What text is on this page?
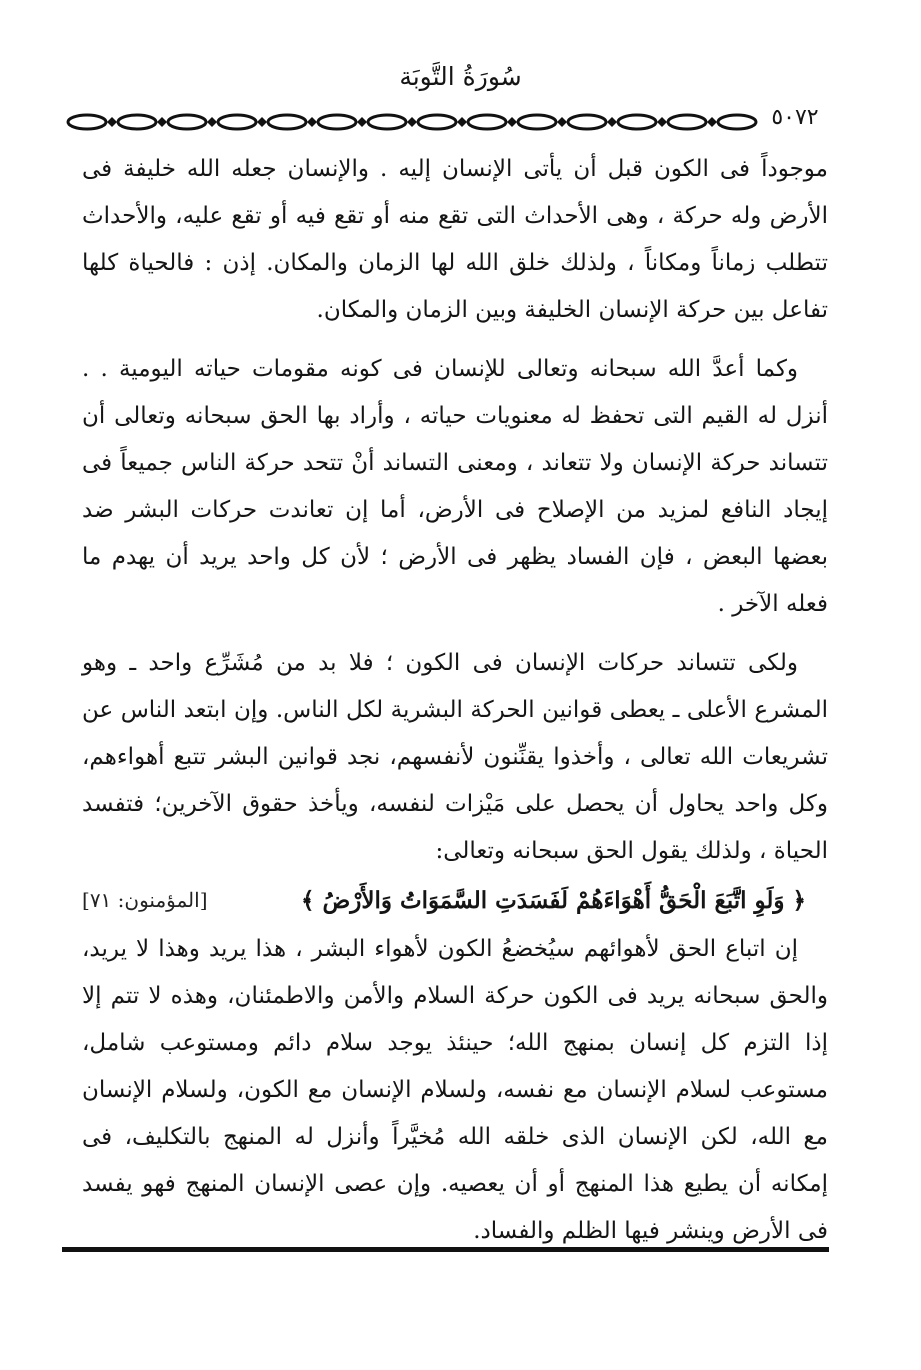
سُورَةُ التَّوبَة
٥٠٧٢

موجوداً فى الكون قبل أن يأتى الإنسان إليه . والإنسان جعله الله خليفة فى الأرض وله حركة ، وهى الأحداث التى تقع منه أو تقع فيه أو تقع عليه، والأحداث تتطلب زماناً ومكاناً ، ولذلك خلق الله لها الزمان والمكان. إذن : فالحياة كلها تفاعل بين حركة الإنسان الخليفة وبين الزمان والمكان.

وكما أعدَّ الله سبحانه وتعالى للإنسان فى كونه مقومات حياته اليومية . . أنزل له القيم التى تحفظ له معنويات حياته ، وأراد بها الحق سبحانه وتعالى أن تتساند حركة الإنسان ولا تتعاند ، ومعنى التساند أنْ تتحد حركة الناس جميعاً فى إيجاد النافع لمزيد من الإصلاح فى الأرض، أما إن تعاندت حركات البشر ضد بعضها البعض ، فإن الفساد يظهر فى الأرض ؛ لأن كل واحد يريد أن يهدم ما فعله الآخر .

ولكى تتساند حركات الإنسان فى الكون ؛ فلا بد من مُشَرِّع واحد ـ وهو المشرع الأعلى ـ يعطى قوانين الحركة البشرية لكل الناس. وإن ابتعد الناس عن تشريعات الله تعالى ، وأخذوا يقنِّنون لأنفسهم، نجد قوانين البشر تتبع أهواءهم، وكل واحد يحاول أن يحصل على مَيْزات لنفسه، ويأخذ حقوق الآخرين؛ فتفسد الحياة ، ولذلك يقول الحق سبحانه وتعالى:

﴿ وَلَوِ اتَّبَعَ الْحَقُّ أَهْوَاءَهُمْ لَفَسَدَتِ السَّمَوَاتُ وَالأَرْضُ ﴾
[المؤمنون: ٧١]

إن اتباع الحق لأهوائهم سيُخضعُ الكون لأهواء البشر ، هذا يريد وهذا لا يريد، والحق سبحانه يريد فى الكون حركة السلام والأمن والاطمئنان، وهذه لا تتم إلا إذا التزم كل إنسان بمنهج الله؛ حينئذ يوجد سلام دائم ومستوعب شامل، مستوعب لسلام الإنسان مع نفسه، ولسلام الإنسان مع الكون، ولسلام الإنسان مع الله، لكن الإنسان الذى خلقه الله مُخيَّراً وأنزل له المنهج بالتكليف، فى إمكانه أن يطيع هذا المنهج أو أن يعصيه. وإن عصى الإنسان المنهج فهو يفسد فى الأرض وينشر فيها الظلم والفساد.
